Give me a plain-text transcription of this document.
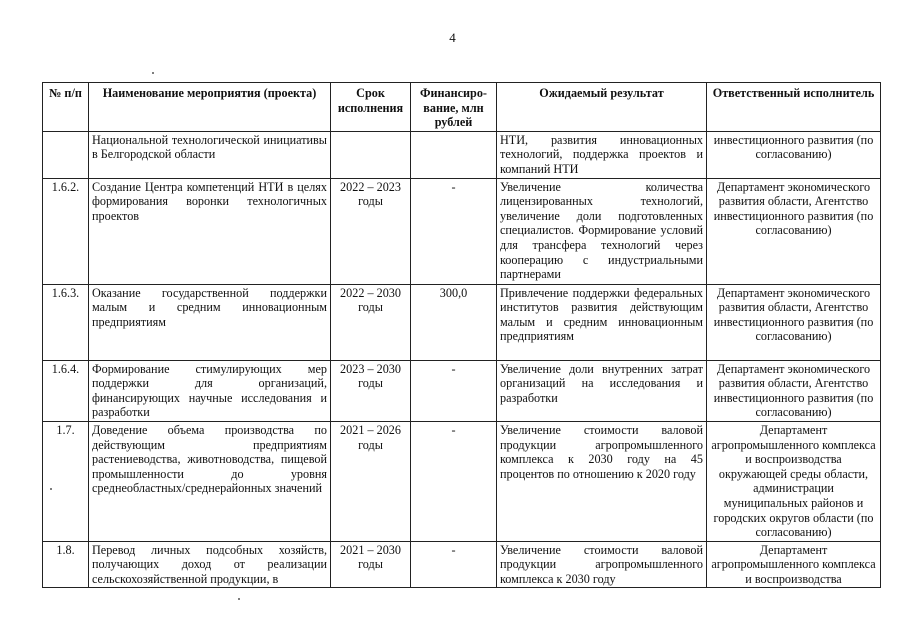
4
№ п/п	Наименование мероприятия (проекта)	Срок исполнения	Финансиро-вание, млн рублей	Ожидаемый результат	Ответственный исполнитель
	Национальной технологической инициативы в Белгородской области			НТИ, развития инновационных технологий, поддержка проектов и компаний НТИ	инвестиционного развития (по согласованию)
1.6.2.	Создание Центра компетенций НТИ в целях формирования воронки технологичных проектов	2022 – 2023 годы	-	Увеличение количества лицензированных технологий, увеличение доли подготовленных специалистов. Формирование условий для трансфера технологий через кооперацию с индустриальными партнерами	Департамент экономического развития области, Агентство инвестиционного развития (по согласованию)
1.6.3.	Оказание государственной поддержки малым и средним инновационным предприятиям	2022 – 2030 годы	300,0	Привлечение поддержки федеральных институтов развития действующим малым и средним инновационным предприятиям	Департамент экономического развития области, Агентство инвестиционного развития (по согласованию)
1.6.4.	Формирование стимулирующих мер поддержки для организаций, финансирующих научные исследования и разработки	2023 – 2030 годы	-	Увеличение доли внутренних затрат организаций на исследования и разработки	Департамент экономического развития области, Агентство инвестиционного развития (по согласованию)
1.7.	Доведение объема производства по действующим предприятиям растениеводства, животноводства, пищевой промышленности до уровня среднеобластных/среднерайонных значений	2021 – 2026 годы	-	Увеличение стоимости валовой продукции агропромышленного комплекса к 2030 году на 45 процентов по отношению к 2020 году	Департамент агропромышленного комплекса и воспроизводства окружающей среды области, администрации муниципальных районов и городских округов области (по согласованию)
1.8.	Перевод личных подсобных хозяйств, получающих доход от реализации сельскохозяйственной продукции, в	2021 – 2030 годы	-	Увеличение стоимости валовой продукции агропромышленного комплекса к 2030 году	Департамент агропромышленного комплекса и воспроизводства
